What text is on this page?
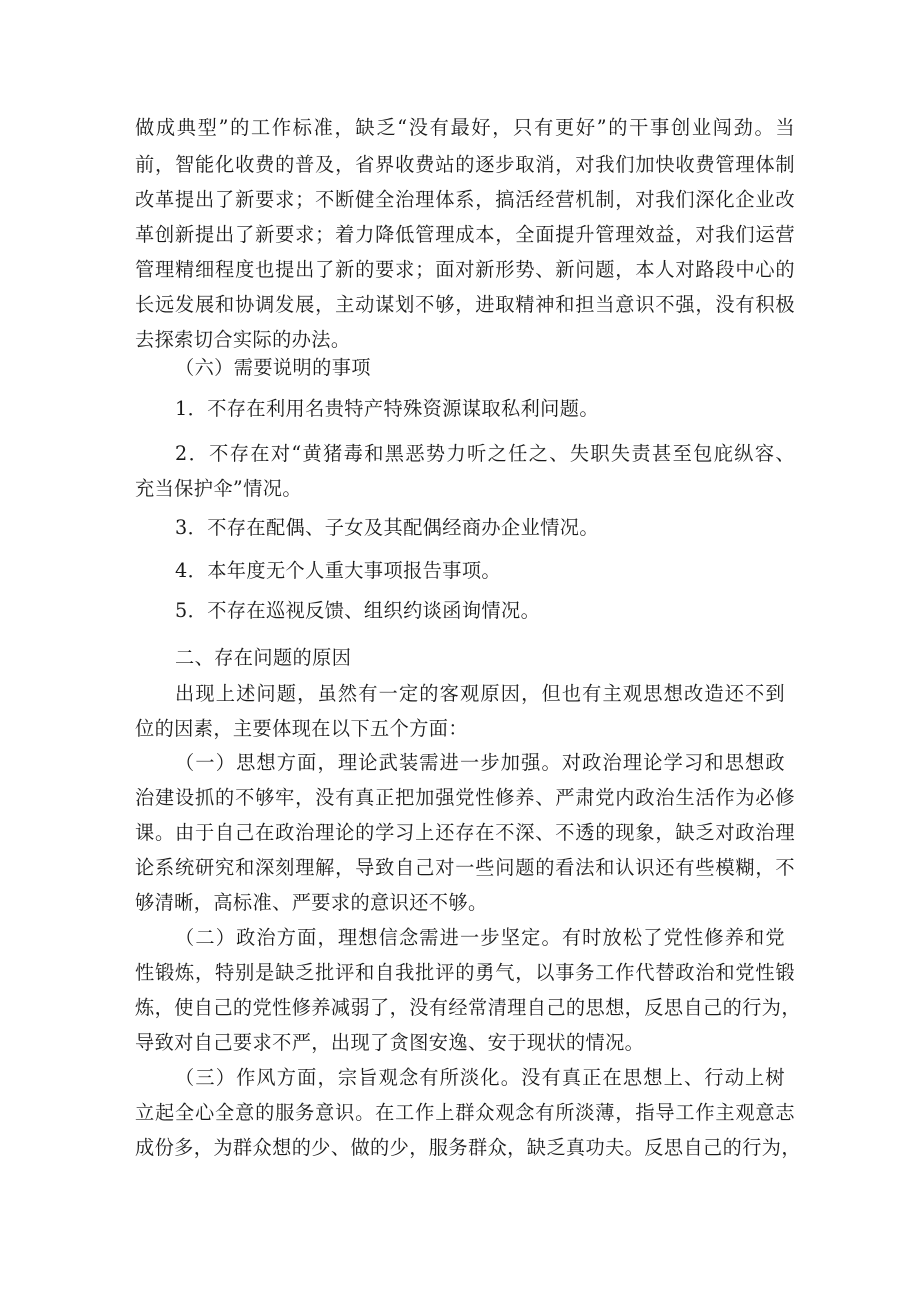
做成典型”的工作标准，缺乏“没有最好，只有更好”的干事创业闯劲。当
前，智能化收费的普及，省界收费站的逐步取消，对我们加快收费管理体制
改革提出了新要求；不断健全治理体系，搞活经营机制，对我们深化企业改
革创新提出了新要求；着力降低管理成本，全面提升管理效益，对我们运营
管理精细程度也提出了新的要求；面对新形势、新问题，本人对路段中心的
长远发展和协调发展，主动谋划不够，进取精神和担当意识不强，没有积极
去探索切合实际的办法。
（六）需要说明的事项
1．不存在利用名贵特产特殊资源谋取私利问题。
2．不存在对“黄猪毒和黑恶势力听之任之、失职失责甚至包庇纵容、
充当保护伞”情况。
3．不存在配偶、子女及其配偶经商办企业情况。
4．本年度无个人重大事项报告事项。
5．不存在巡视反馈、组织约谈函询情况。
二、存在问题的原因
出现上述问题，虽然有一定的客观原因，但也有主观思想改造还不到
位的因素，主要体现在以下五个方面：
（一）思想方面，理论武装需进一步加强。对政治理论学习和思想政
治建设抓的不够牢，没有真正把加强党性修养、严肃党内政治生活作为必修
课。由于自己在政治理论的学习上还存在不深、不透的现象，缺乏对政治理
论系统研究和深刻理解，导致自己对一些问题的看法和认识还有些模糊，不
够清晰，高标准、严要求的意识还不够。
（二）政治方面，理想信念需进一步坚定。有时放松了党性修养和党
性锻炼，特别是缺乏批评和自我批评的勇气，以事务工作代替政治和党性锻
炼，使自己的党性修养减弱了，没有经常清理自己的思想，反思自己的行为，
导致对自己要求不严，出现了贪图安逸、安于现状的情况。
（三）作风方面，宗旨观念有所淡化。没有真正在思想上、行动上树
立起全心全意的服务意识。在工作上群众观念有所淡薄，指导工作主观意志
成份多，为群众想的少、做的少，服务群众，缺乏真功夫。反思自己的行为，
